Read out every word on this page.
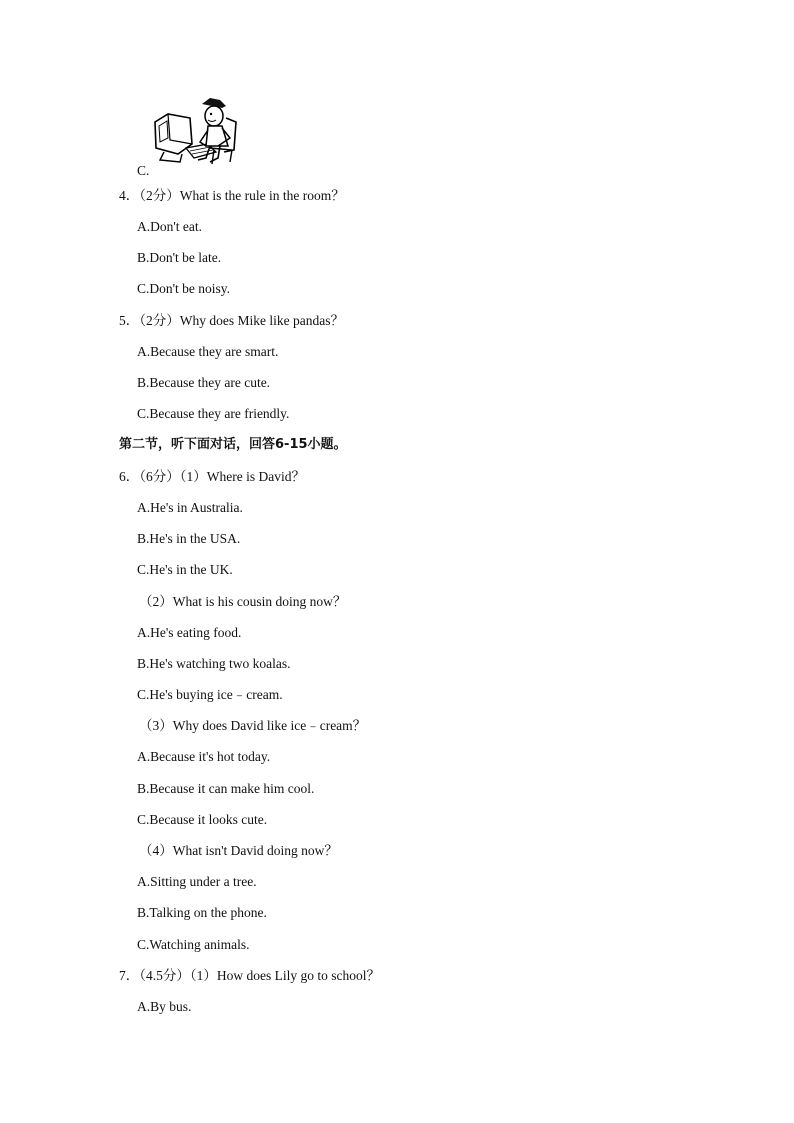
C.
4．（2分）What is the rule in the room？
A.Don't eat.
B.Don't be late.
C.Don't be noisy.
5．（2分）Why does Mike like pandas？
A.Because they are smart.
B.Because they are cute.
C.Because they are friendly.
第二节，听下面对话，回答6-15小题。
6．（6分）（1）Where is David？
A.He's in Australia.
B.He's in the USA.
C.He's in the UK.
（2）What is his cousin doing now？
A.He's eating food.
B.He's watching two koalas.
C.He's buying ice﹣cream.
（3）Why does David like ice﹣cream？
A.Because it's hot today.
B.Because it can make him cool.
C.Because it looks cute.
（4）What isn't David doing now？
A.Sitting under a tree.
B.Talking on the phone.
C.Watching animals.
7．（4.5分）（1）How does Lily go to school？
A.By bus.
